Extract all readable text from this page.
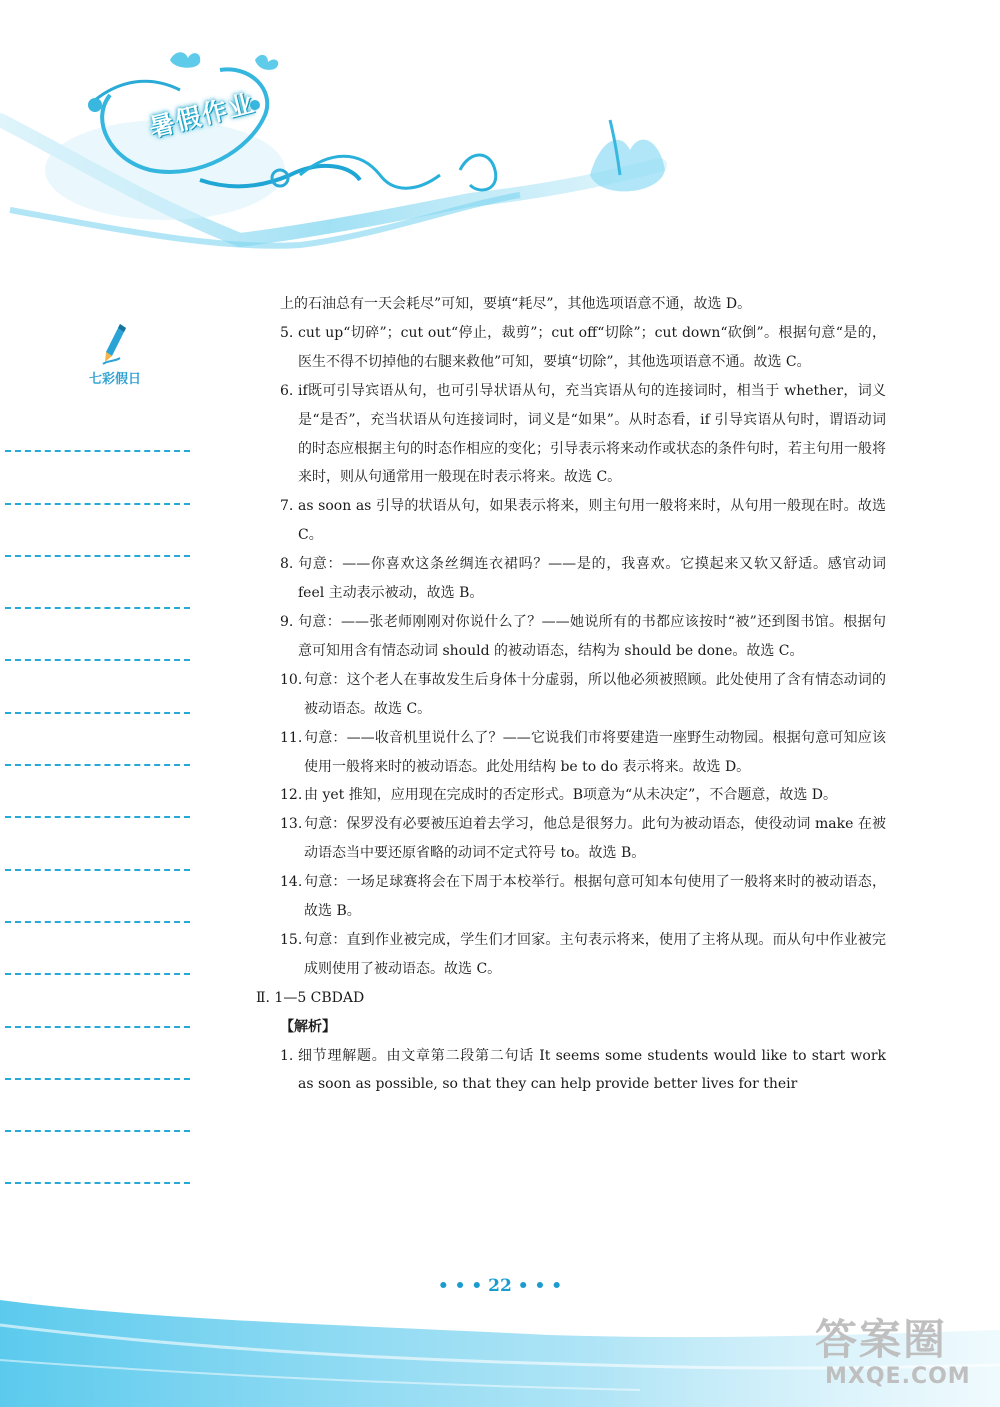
暑假作业
七彩假日

上的石油总有一天会耗尽”可知，要填“耗尽”，其他选项语意不通，故选 D。

5. cut up“切碎”；cut out“停止，裁剪”；cut off“切除”；cut down“砍倒”。根据句意“是的，医生不得不切掉他的右腿来救他”可知，要填“切除”，其他选项语意不通。故选 C。
6. if既可引导宾语从句，也可引导状语从句，充当宾语从句的连接词时，相当于 whether，词义是“是否”，充当状语从句连接词时，词义是“如果”。从时态看，if 引导宾语从句时，谓语动词的时态应根据主句的时态作相应的变化；引导表示将来动作或状态的条件句时，若主句用一般将来时，则从句通常用一般现在时表示将来。故选 C。
7. as soon as 引导的状语从句，如果表示将来，则主句用一般将来时，从句用一般现在时。故选 C。
8. 句意：——你喜欢这条丝绸连衣裙吗？——是的，我喜欢。它摸起来又软又舒适。感官动词 feel 主动表示被动，故选 B。
9. 句意：——张老师刚刚对你说什么了？——她说所有的书都应该按时“被”还到图书馆。根据句意可知用含有情态动词 should 的被动语态，结构为 should be done。故选 C。
10. 句意：这个老人在事故发生后身体十分虚弱，所以他必须被照顾。此处使用了含有情态动词的被动语态。故选 C。
11. 句意：——收音机里说什么了？——它说我们市将要建造一座野生动物园。根据句意可知应该使用一般将来时的被动语态。此处用结构 be to do 表示将来。故选 D。
12. 由 yet 推知，应用现在完成时的否定形式。B项意为“从未决定”，不合题意，故选 D。
13. 句意：保罗没有必要被压迫着去学习，他总是很努力。此句为被动语态，使役动词 make 在被动语态当中要还原省略的动词不定式符号 to。故选 B。
14. 句意：一场足球赛将会在下周于本校举行。根据句意可知本句使用了一般将来时的被动语态，故选 B。
15. 句意：直到作业被完成，学生们才回家。主句表示将来，使用了主将从现。而从句中作业被完成则使用了被动语态。故选 C。
Ⅱ. 1—5 CBDAD
【解析】
1. 细节理解题。由文章第二段第二句话 It seems some students would like to start work as soon as possible, so that they can help provide better lives for their
• • • 22 • • •
答案圈
MXQE.COM
